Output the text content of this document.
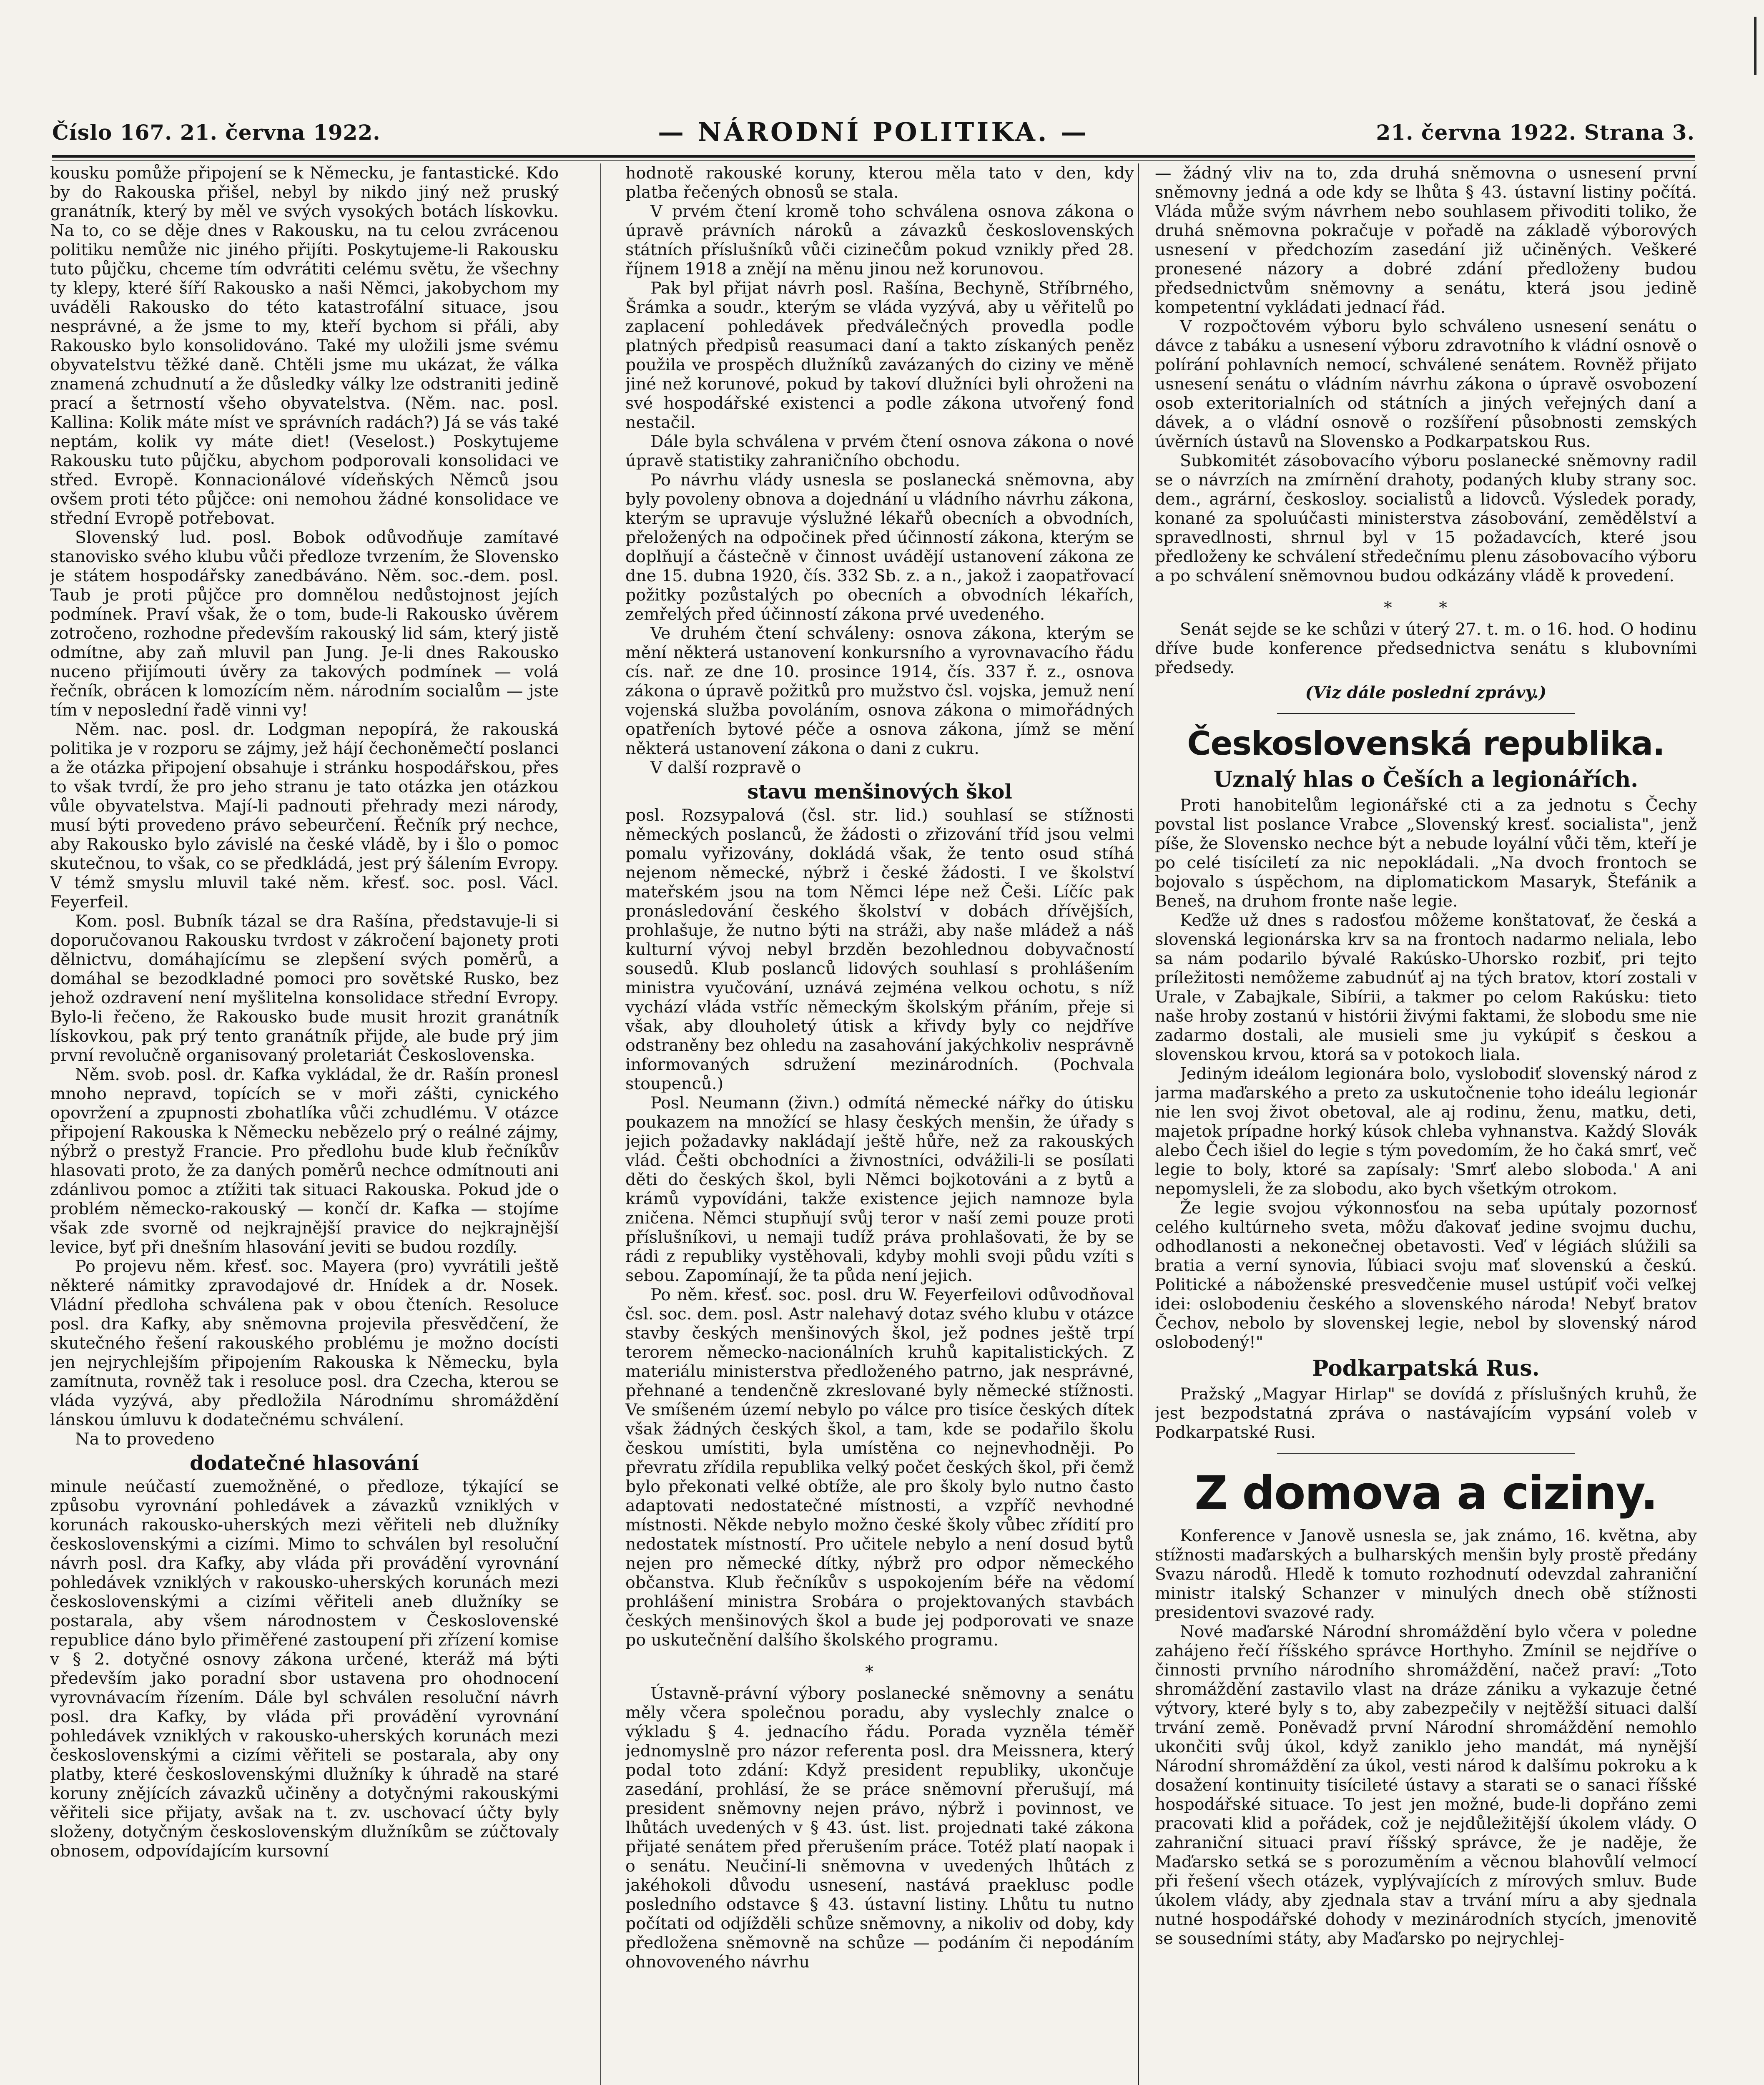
Číslo 167. 21. června 1922.	— NÁRODNÍ POLITIKA. —	21. června 1922. Strana 3.

kousku pomůže připojení se k Německu, je fantastické. Kdo by do Rakouska přišel, nebyl by nikdo jiný než pruský granátník, který by měl ve svých vysokých botách lískovku. Na to, co se děje dnes v Rakousku, na tu celou zvrácenou politiku nemůže nic jiného přijíti. Poskytujeme-li Rakousku tuto půjčku, chceme tím odvrátiti celému světu, že všechny ty klepy, které šíří Rakousko a naši Němci, jakobychom my uváděli Rakousko do této katastrofální situace, jsou nesprávné, a že jsme to my, kteří bychom si přáli, aby Rakousko bylo konsolidováno. Také my uložili jsme svému obyvatelstvu těžké daně. Chtěli jsme mu ukázat, že válka znamená zchudnutí a že důsledky války lze odstraniti jedině prací a šetrností všeho obyvatelstva. (Něm. nac. posl. Kallina: Kolik máte míst ve správních radách?) Já se vás také neptám, kolik vy máte diet! (Veselost.) Poskytujeme Rakousku tuto půjčku, abychom podporovali konsolidaci ve střed. Evropě. Konnacionálové vídeňských Němců jsou ovšem proti této půjčce: oni nemohou žádné konsolidace ve střední Evropě potřebovat.

Slovenský lud. posl. Bobok odůvodňuje zamítavé stanovisko svého klubu vůči předloze tvrzením, že Slovensko je státem hospodářsky zanedbáváno. Něm. soc.-dem. posl. Taub je proti půjčce pro domnělou nedůstojnost jejích podmínek. Praví však, že o tom, bude-li Rakousko úvěrem zotročeno, rozhodne především rakouský lid sám, který jistě odmítne, aby zaň mluvil pan Jung. Je-li dnes Rakousko nuceno přijímouti úvěry za takových podmínek — volá řečník, obrácen k lomozícím něm. národním socialům — jste tím v neposlední řadě vinni vy!

Něm. nac. posl. dr. Lodgman nepopírá, že rakouská politika je v rozporu se zájmy, jež hájí čechoněmečtí poslanci a že otázka připojení obsahuje i stránku hospodářskou, přes to však tvrdí, že pro jeho stranu je tato otázka jen otázkou vůle obyvatelstva. Mají-li padnouti přehrady mezi národy, musí býti provedeno právo sebeurčení. Řečník prý nechce, aby Rakousko bylo závislé na české vládě, by i šlo o pomoc skutečnou, to však, co se předkládá, jest prý šálením Evropy. V témž smyslu mluvil také něm. křesť. soc. posl. Václ. Feyerfeil.

Kom. posl. Bubník tázal se dra Rašína, představuje-li si doporučovanou Rakousku tvrdost v zákročení bajonety proti dělnictvu, domáhajícímu se zlepšení svých poměrů, a domáhal se bezodkladné pomoci pro sovětské Rusko, bez jehož ozdravení není myšlitelna konsolidace střední Evropy. Bylo-li řečeno, že Rakousko bude musit hrozit granátník lískovkou, pak prý tento granátník přijde, ale bude prý jim první revolučně organisovaný proletariát Československa.

Něm. svob. posl. dr. Kafka vykládal, že dr. Rašín pronesl mnoho nepravd, topících se v moři zášti, cynického opovržení a zpupnosti zbohatlíka vůči zchudlému. V otázce připojení Rakouska k Německu nebězelo prý o reálné zájmy, nýbrž o prestyž Francie. Pro předlohu bude klub řečníkův hlasovati proto, že za daných poměrů nechce odmítnouti ani zdánlivou pomoc a ztížiti tak situaci Rakouska. Pokud jde o problém německo-rakouský — končí dr. Kafka — stojíme však zde svorně od nejkrajnější pravice do nejkrajnější levice, byť při dnešním hlasování jeviti se budou rozdíly.

Po projevu něm. křesť. soc. Mayera (pro) vyvrátili ještě některé námitky zpravodajové dr. Hnídek a dr. Nosek. Vládní předloha schválena pak v obou čteních. Resoluce posl. dra Kafky, aby sněmovna projevila přesvědčení, že skutečného řešení rakouského problému je možno docísti jen nejrychlejším připojením Rakouska k Německu, byla zamítnuta, rovněž tak i resoluce posl. dra Czecha, kterou se vláda vyzývá, aby předložila Národnímu shromáždění lánskou úmluvu k dodatečnému schválení.

Na to provedeno

dodatečné hlasování

minule neúčastí zuemožněné, o předloze, týkající se způsobu vyrovnání pohledávek a závazků vzniklých v korunách rakousko-uherských mezi věřiteli neb dlužníky československými a cizími. Mimo to schválen byl resoluční návrh posl. dra Kafky, aby vláda při provádění vyrovnání pohledávek vzniklých v rakousko-uherských korunách mezi československými a cizími věřiteli aneb dlužníky se postarala, aby všem národnostem v Československé republice dáno bylo přiměřené zastoupení při zřízení komise v § 2. dotyčné osnovy zákona určené, kteráž má býti především jako poradní sbor ustavena pro ohodnocení vyrovnávacím řízením. Dále byl schválen resoluční návrh posl. dra Kafky, by vláda při provádění vyrovnání pohledávek vzniklých v rakousko-uherských korunách mezi československými a cizími věřiteli se postarala, aby ony platby, které československými dlužníky k úhradě na staré koruny znějících závazků učiněny a dotyčnými rakouskými věřiteli sice přijaty, avšak na t. zv. uschovací účty byly složeny, dotyčným československým dlužníkům se zúčtovaly obnosem, odpovídajícím kursovní

hodnotě rakouské koruny, kterou měla tato v den, kdy platba řečených obnosů se stala.

V prvém čtení kromě toho schválena osnova zákona o úpravě právních nároků a závazků československých státních příslušníků vůči cizinečům pokud vznikly před 28. říjnem 1918 a znějí na měnu jinou než korunovou.

Pak byl přijat návrh posl. Rašína, Bechyně, Stříbrného, Šrámka a soudr., kterým se vláda vyzývá, aby u věřitelů po zaplacení pohledávek předválečných provedla podle platných předpisů reasumaci daní a takto získaných peněz použila ve prospěch dlužníků zavázaných do ciziny ve měně jiné než korunové, pokud by takoví dlužníci byli ohroženi na své hospodářské existenci a podle zákona utvořený fond nestačil.

Dále byla schválena v prvém čtení osnova zákona o nové úpravě statistiky zahraničního obchodu.

Po návrhu vlády usnesla se poslanecká sněmovna, aby byly povoleny obnova a dojednání u vládního návrhu zákona, kterým se upravuje výslužné lékařů obecních a obvodních, přeložených na odpočinek před účinností zákona, kterým se doplňují a částečně v činnost uvádějí ustanovení zákona ze dne 15. dubna 1920, čís. 332 Sb. z. a n., jakož i zaopatřovací požitky pozůstalých po obecních a obvodních lékařích, zemřelých před účinností zákona prvé uvedeného.

Ve druhém čtení schváleny: osnova zákona, kterým se mění některá ustanovení konkursního a vyrovnavacího řádu cís. nař. ze dne 10. prosince 1914, čís. 337 ř. z., osnova zákona o úpravě požitků pro mužstvo čsl. vojska, jemuž není vojenská služba povoláním, osnova zákona o mimořádných opatřeních bytové péče a osnova zákona, jímž se mění některá ustanovení zákona o dani z cukru.

V další rozpravě o

stavu menšinových škol

posl. Rozsypalová (čsl. str. lid.) souhlasí se stížnosti německých poslanců, že žádosti o zřizování tříd jsou velmi pomalu vyřizovány, dokládá však, že tento osud stíhá nejenom německé, nýbrž i české žádosti. I ve školství mateřském jsou na tom Němci lépe než Češi. Líčíc pak pronásledování českého školství v dobách dřívějších, prohlašuje, že nutno býti na stráži, aby naše mládež a náš kulturní vývoj nebyl brzděn bezohlednou dobyvačností sousedů. Klub poslanců lidových souhlasí s prohlášením ministra vyučování, uznává zejména velkou ochotu, s níž vychází vláda vstříc německým školským přáním, přeje si však, aby dlouholetý útisk a křivdy byly co nejdříve odstraněny bez ohledu na zasahování jakýchkoliv nesprávně informovaných sdružení mezinárodních. (Pochvala stoupenců.)

Posl. Neumann (živn.) odmítá německé nářky do útisku poukazem na množící se hlasy českých menšin, že úřady s jejich požadavky nakládají ještě hůře, než za rakouských vlád. Češti obchodníci a živnostníci, odvážili-li se posílati děti do českých škol, byli Němci bojkotováni a z bytů a krámů vypovídáni, takže existence jejich namnoze byla zničena. Němci stupňují svůj teror v naší zemi pouze proti příslušníkovi, u nemaji tudíž práva prohlašovati, že by se rádi z republiky vystěhovali, kdyby mohli svoji půdu vzíti s sebou. Zapomínají, že ta půda není jejich.

Po něm. křesť. soc. posl. dru W. Feyerfeilovi odůvodňoval čsl. soc. dem. posl. Astr nalehavý dotaz svého klubu v otázce stavby českých menšinových škol, jež podnes ještě trpí terorem německo-nacionálních kruhů kapitalistických. Z materiálu ministerstva předloženého patrno, jak nesprávné, přehnané a tendenčně zkreslované byly německé stížnosti. Ve smíšeném území nebylo po válce pro tisíce českých dítek však žádných českých škol, a tam, kde se podařilo školu českou umístiti, byla umístěna co nejnevhodněji. Po převratu zřídila republika velký počet českých škol, při čemž bylo překonati velké obtíže, ale pro školy bylo nutno často adaptovati nedostatečné místnosti, a vzpříč nevhodné místnosti. Někde nebylo možno české školy vůbec zřídití pro nedostatek místností. Pro učitele nebylo a není dosud bytů nejen pro německé dítky, nýbrž pro odpor německého občanstva. Klub řečníkův s uspokojením béře na vědomí prohlášení ministra Srobára o projektovaných stavbách českých menšinových škol a bude jej podporovati ve snaze po uskutečnění dalšího školského programu.

⁎

Ústavně-právní výbory poslanecké sněmovny a senátu měly včera společnou poradu, aby vyslechly znalce o výkladu § 4. jednacího řádu. Porada vyzněla téměř jednomyslně pro názor referenta posl. dra Meissnera, který podal toto zdání: Když president republiky, ukončuje zasedání, prohlásí, že se práce sněmovní přerušují, má president sněmovny nejen právo, nýbrž i povinnost, ve lhůtách uvedených v § 43. úst. list. projednati také zákona přijaté senátem před přerušením práce. Totéž platí naopak i o senátu. Neučiní-li sněmovna v uvedených lhůtách z jakéhokoli důvodu usnesení, nastává praeklusc podle posledního odstavce § 43. ústavní listiny. Lhůtu tu nutno počítati od odjížděli schůze sněmovny, a nikoliv od doby, kdy předložena sněmovně na schůze — podáním či nepodáním ohnovoveného návrhu

— žádný vliv na to, zda druhá sněmovna o usnesení první sněmovny jedná a ode kdy se lhůta § 43. ústavní listiny počítá. Vláda může svým návrhem nebo souhlasem přivoditi toliko, že druhá sněmovna pokračuje v pořadě na základě výborových usnesení v předchozím zasedání již učiněných. Veškeré pronesené názory a dobré zdání předloženy budou předsednictvům sněmovny a senátu, která jsou jedině kompetentní vykládati jednací řád.

V rozpočtovém výboru bylo schváleno usnesení senátu o dávce z tabáku a usnesení výboru zdravotního k vládní osnově o polírání pohlavních nemocí, schválené senátem. Rovněž přijato usnesení senátu o vládním návrhu zákona o úpravě osvobození osob exteritorialních od státních a jiných veřejných daní a dávek, a o vládní osnově o rozšíření působnosti zemských úvěrních ústavů na Slovensko a Podkarpatskou Rus.

Subkomitét zásobovacího výboru poslanecké sněmovny radil se o návrzích na zmírnění drahoty, podaných kluby strany soc. dem., agrární, českosloy. socialistů a lidovců. Výsledek porady, konané za spoluúčasti ministerstva zásobování, zemědělství a spravedlnosti, shrnul byl v 15 požadavcích, které jsou předloženy ke schválení středečnímu plenu zásobovacího výboru a po schválení sněmovnou budou odkázány vládě k provedení.

⁎ ⁎

Senát sejde se ke schůzi v úterý 27. t. m. o 16. hod. O hodinu dříve bude konference předsednictva senátu s klubovními předsedy.

(Viz dále poslední zprávy.)
Československá republika.
Uznalý hlas o Češích a legionářích.

Proti hanobitelům legionářské cti a za jednotu s Čechy povstal list poslance Vrabce „Slovenský kresť. socialista", jenž píše, že Slovensko nechce být a nebude loyální vůči těm, kteří je po celé tisíciletí za nic nepokládali. „Na dvoch frontoch se bojovalo s úspěchom, na diplomatickom Masaryk, Štefánik a Beneš, na druhom fronte naše legie.

Keďže už dnes s radosťou môžeme konštatovať, že česká a slovenská legionárska krv sa na frontoch nadarmo neliala, lebo sa nám podarilo bývalé Rakúsko-Uhorsko rozbiť, pri tejto príležitosti nemôžeme zabudnúť aj na tých bratov, ktorí zostali v Urale, v Zabajkale, Sibírii, a takmer po celom Rakúsku: tieto naše hroby zostanú v histórii živými faktami, že slobodu sme nie zadarmo dostali, ale musieli sme ju vykúpiť s českou a slovenskou krvou, ktorá sa v potokoch liala.

Jediným ideálom legionára bolo, vyslobodiť slovenský národ z jarma maďarského a preto za uskutočnenie toho ideálu legionár nie len svoj život obetoval, ale aj rodinu, ženu, matku, deti, majetok prípadne horký kúsok chleba vyhnanstva. Každý Slovák alebo Čech išiel do legie s tým povedomím, že ho čaká smrť, več legie to boly, ktoré sa zapísaly: 'Smrť alebo sloboda.' A ani nepomysleli, že za slobodu, ako bych všetkým otrokom.

Že legie svojou výkonnosťou na seba upútaly pozornosť celého kultúrneho sveta, môžu ďakovať jedine svojmu duchu, odhodlanosti a nekonečnej obetavosti. Veď v légiách slúžili sa bratia a verní synovia, ľúbiaci svoju mať slovenskú a českú. Politické a náboženské presvedčenie musel ustúpiť voči veľkej idei: oslobodeniu českého a slovenského národa! Nebyť bratov Čechov, nebolo by slovenskej legie, nebol by slovenský národ oslobodený!"

Podkarpatská Rus.

Pražský „Magyar Hirlap" se dovídá z příslušných kruhů, že jest bezpodstatná zpráva o nastávajícím vypsání voleb v Podkarpatské Rusi.

Z domova a ciziny.

Konference v Janově usnesla se, jak známo, 16. května, aby stížnosti maďarských a bulharských menšin byly prostě předány Svazu národů. Hledě k tomuto rozhodnutí odevzdal zahraniční ministr italský Schanzer v minulých dnech obě stížnosti presidentovi svazové rady.

Nové maďarské Národní shromáždění bylo včera v poledne zahájeno řečí říšského správce Horthyho. Zmínil se nejdříve o činnosti prvního národního shromáždění, načež praví: „Toto shromáždění zastavilo vlast na dráze zániku a vykazuje četné výtvory, které byly s to, aby zabezpečily v nejtěžší situaci další trvání země. Poněvadž první Národní shromáždění nemohlo ukončiti svůj úkol, když zaniklo jeho mandát, má nynější Národní shromáždění za úkol, vesti národ k dalšímu pokroku a k dosažení kontinuity tisícileté ústavy a starati se o sanaci říšské hospodářské situace. To jest jen možné, bude-li dopřáno zemi pracovati klid a pořádek, což je nejdůležitější úkolem vlády. O zahraniční situaci praví říšský správce, že je naděje, že Maďarsko setká se s porozuměním a věcnou blahovůlí velmocí při řešení všech otázek, vyplývajících z mírových smluv. Bude úkolem vlády, aby zjednala stav a trvání míru a aby sjednala nutné hospodářské dohody v mezinárodních stycích, jmenovitě se sousedními státy, aby Maďarsko po nejrychlej-
